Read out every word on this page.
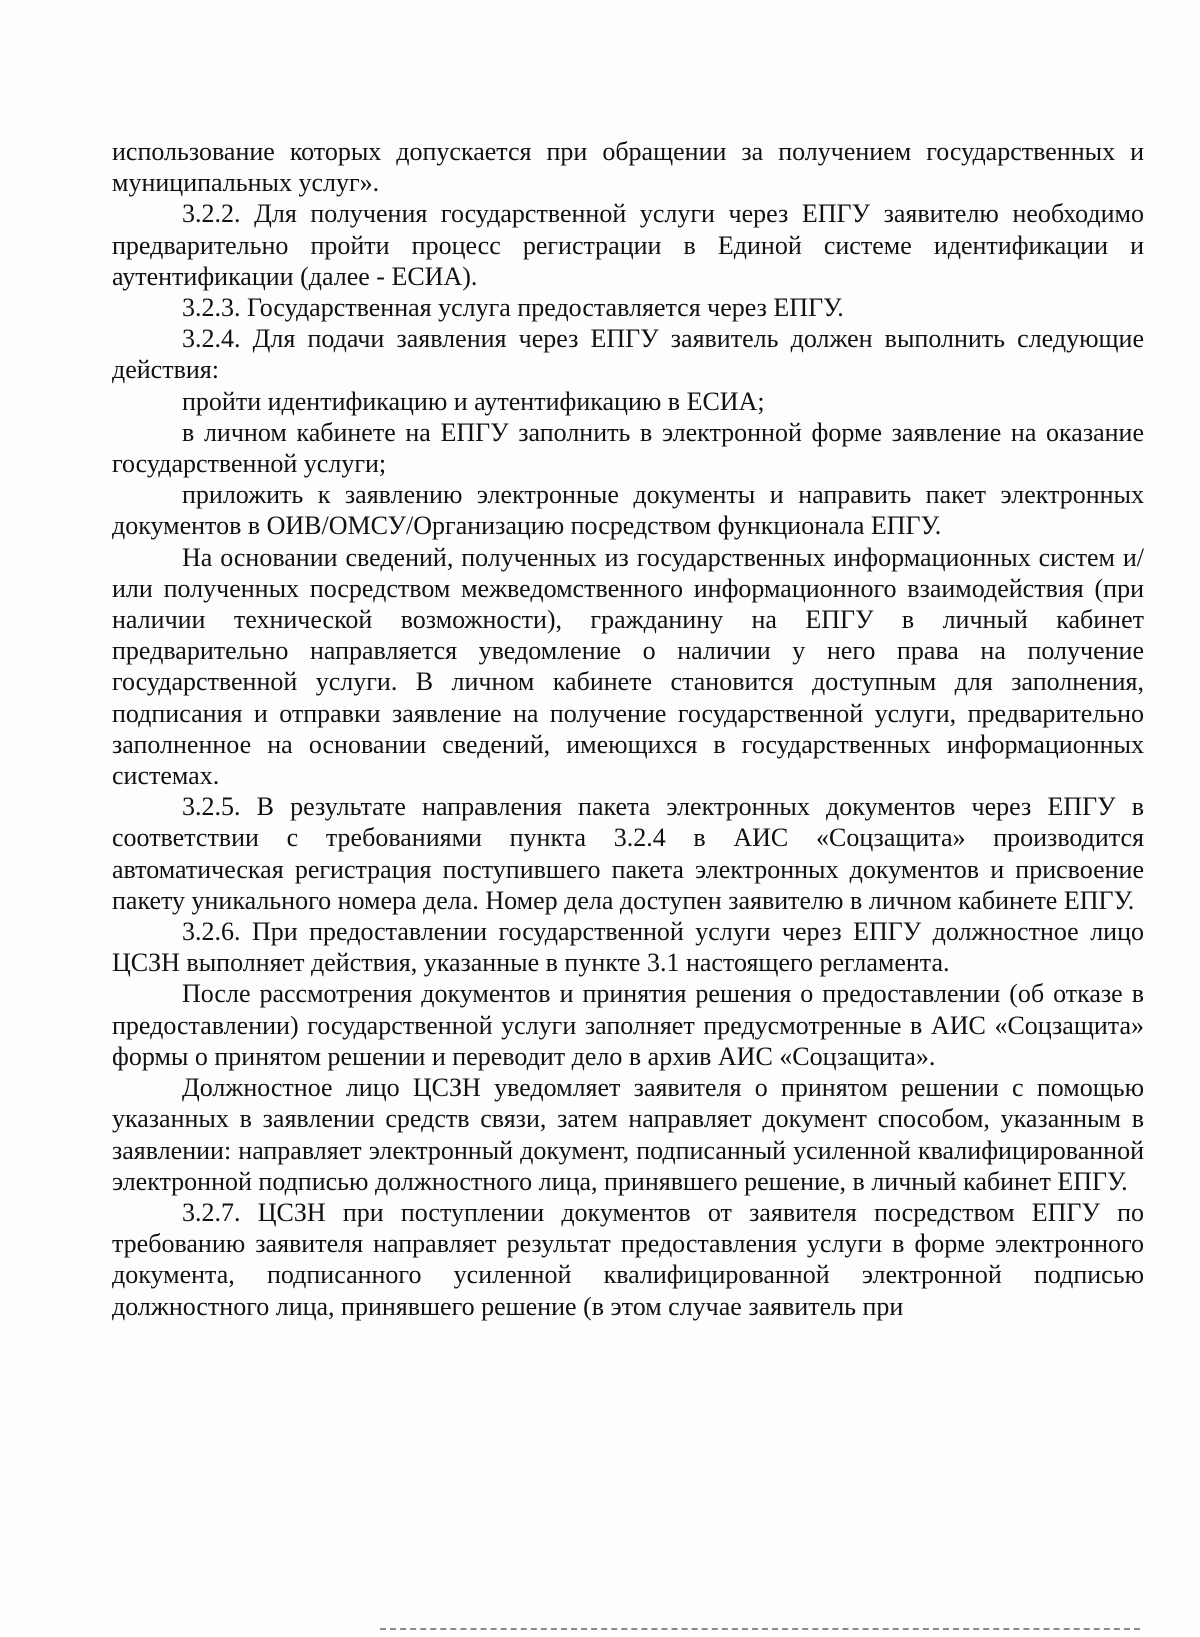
использование которых допускается при обращении за получением государственных и муниципальных услуг».

3.2.2. Для получения государственной услуги через ЕПГУ заявителю необходимо предварительно пройти процесс регистрации в Единой системе идентификации и аутентификации (далее - ЕСИА).

3.2.3. Государственная услуга предоставляется через ЕПГУ.

3.2.4. Для подачи заявления через ЕПГУ заявитель должен выполнить следующие действия:

пройти идентификацию и аутентификацию в ЕСИА;

в личном кабинете на ЕПГУ заполнить в электронной форме заявление на оказание государственной услуги;

приложить к заявлению электронные документы и направить пакет электронных документов в ОИВ/ОМСУ/Организацию посредством функционала ЕПГУ.

На основании сведений, полученных из государственных информационных систем и/или полученных посредством межведомственного информационного взаимодействия (при наличии технической возможности), гражданину на ЕПГУ в личный кабинет предварительно направляется уведомление о наличии у него права на получение государственной услуги. В личном кабинете становится доступным для заполнения, подписания и отправки заявление на получение государственной услуги, предварительно заполненное на основании сведений, имеющихся в государственных информационных системах.

3.2.5. В результате направления пакета электронных документов через ЕПГУ в соответствии с требованиями пункта 3.2.4 в АИС «Соцзащита» производится автоматическая регистрация поступившего пакета электронных документов и присвоение пакету уникального номера дела. Номер дела доступен заявителю в личном кабинете ЕПГУ.

3.2.6. При предоставлении государственной услуги через ЕПГУ должностное лицо ЦСЗН выполняет действия, указанные в пункте 3.1 настоящего регламента.

После рассмотрения документов и принятия решения о предоставлении (об отказе в предоставлении) государственной услуги заполняет предусмотренные в АИС «Соцзащита» формы о принятом решении и переводит дело в архив АИС «Соцзащита».

Должностное лицо ЦСЗН уведомляет заявителя о принятом решении с помощью указанных в заявлении средств связи, затем направляет документ способом, указанным в заявлении: направляет электронный документ, подписанный усиленной квалифицированной электронной подписью должностного лица, принявшего решение, в личный кабинет ЕПГУ.

3.2.7. ЦСЗН при поступлении документов от заявителя посредством ЕПГУ по требованию заявителя направляет результат предоставления услуги в форме электронного документа, подписанного усиленной квалифицированной электронной подписью должностного лица, принявшего решение (в этом случае заявитель при
